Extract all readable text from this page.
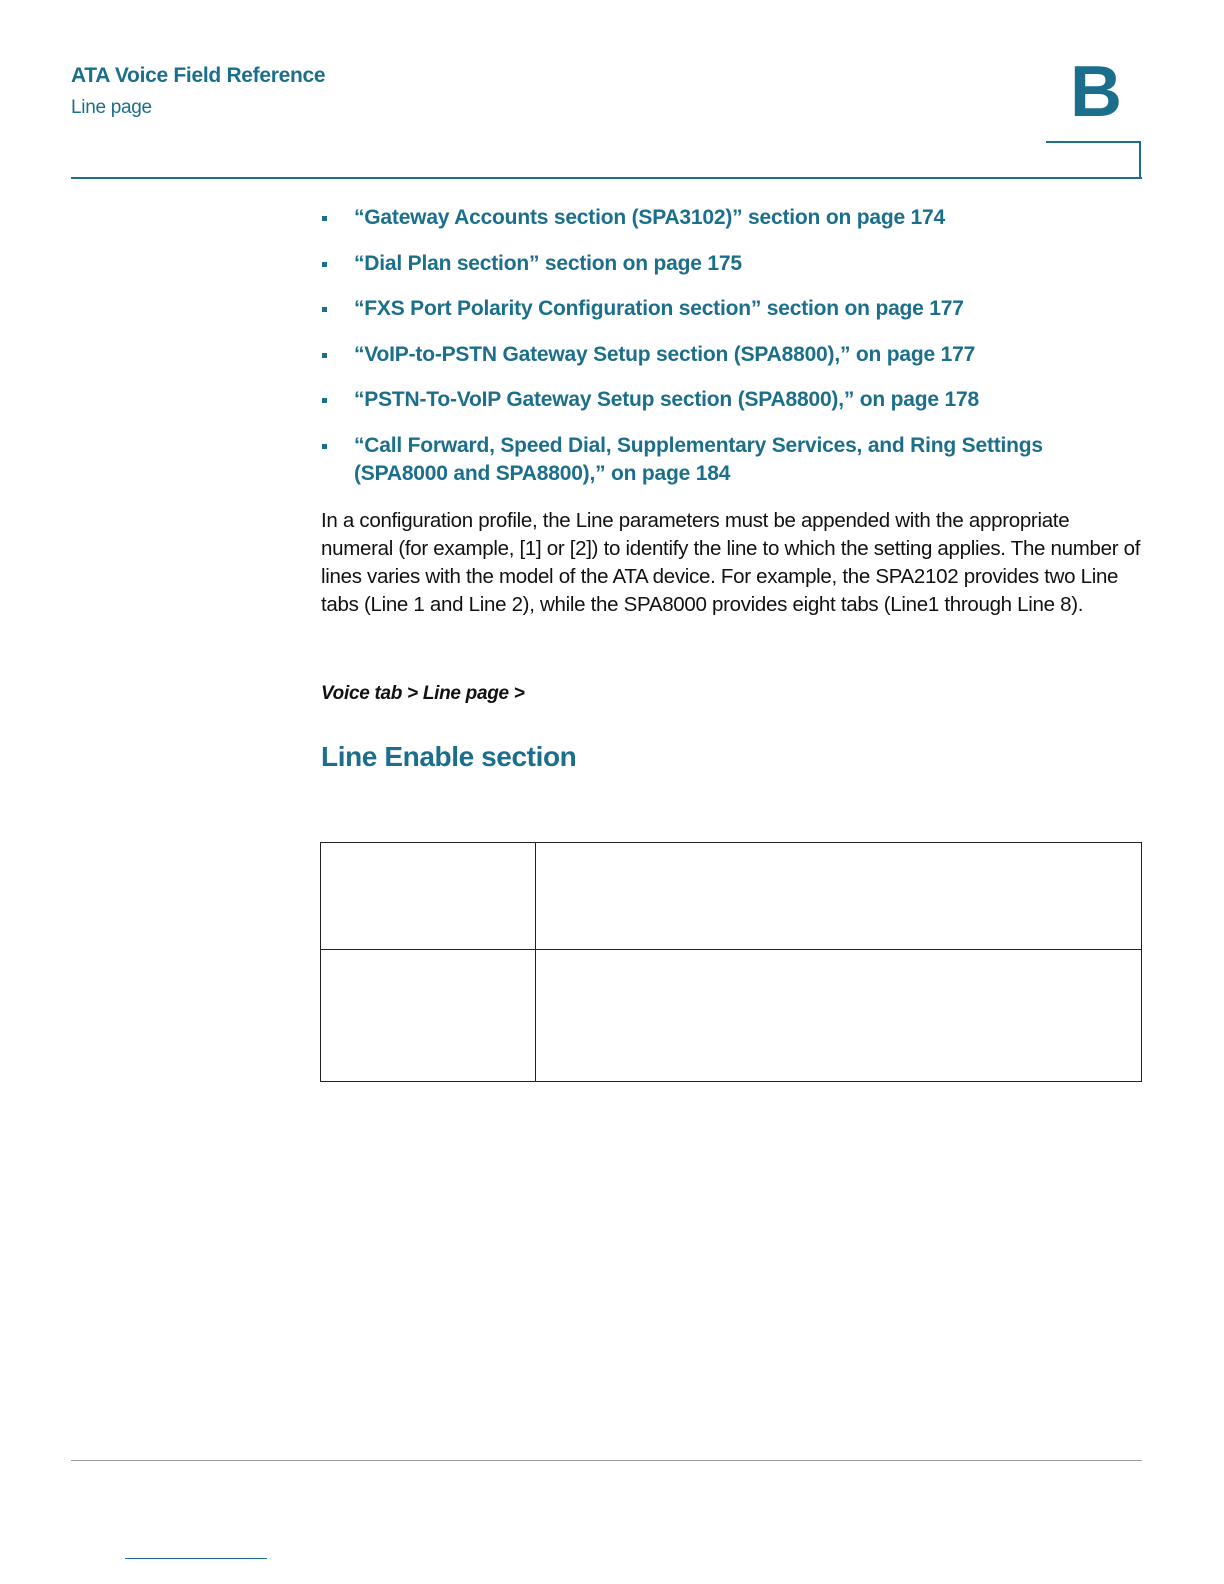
ATA Voice Field Reference
Line page	B
“Gateway Accounts section (SPA3102)” section on page 174
“Dial Plan section” section on page 175
“FXS Port Polarity Configuration section” section on page 177
“VoIP-to-PSTN Gateway Setup section (SPA8800),” on page 177
“PSTN-To-VoIP Gateway Setup section (SPA8800),” on page 178
“Call Forward, Speed Dial, Supplementary Services, and Ring Settings (SPA8000 and SPA8800),” on page 184

In a configuration profile, the Line parameters must be appended with the appropriate numeral (for example, [1] or [2]) to identify the line to which the setting applies. The number of lines varies with the model of the ATA device. For example, the SPA2102 provides two Line tabs (Line 1 and Line 2), while the SPA8000 provides eight tabs (Line1 through Line 8).

Voice tab > Line page >
Line Enable section
